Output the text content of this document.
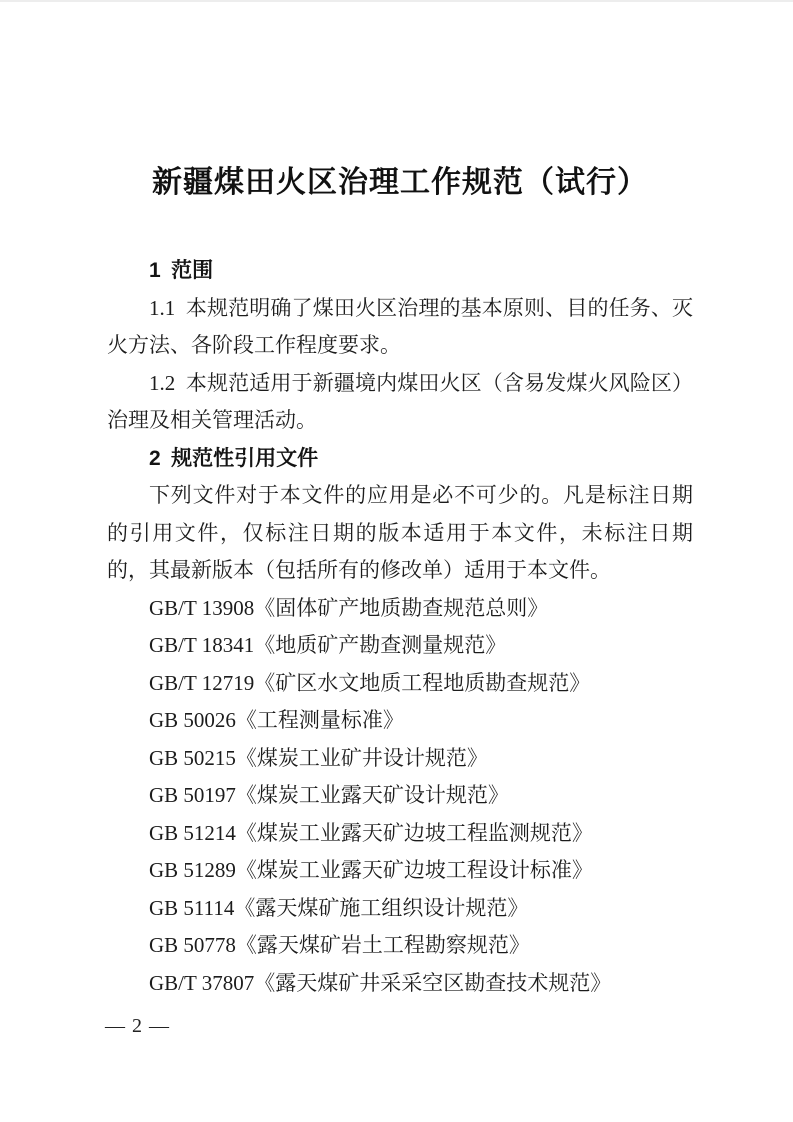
新疆煤田火区治理工作规范（试行）
1 范围

1.1 本规范明确了煤田火区治理的基本原则、目的任务、灭火方法、各阶段工作程度要求。

1.2 本规范适用于新疆境内煤田火区（含易发煤火风险区）治理及相关管理活动。

2 规范性引用文件

下列文件对于本文件的应用是必不可少的。凡是标注日期的引用文件，仅标注日期的版本适用于本文件，未标注日期的，其最新版本（包括所有的修改单）适用于本文件。

GB/T 13908《固体矿产地质勘查规范总则》

GB/T 18341《地质矿产勘查测量规范》

GB/T 12719《矿区水文地质工程地质勘查规范》

GB 50026《工程测量标准》

GB 50215《煤炭工业矿井设计规范》

GB 50197《煤炭工业露天矿设计规范》

GB 51214《煤炭工业露天矿边坡工程监测规范》

GB 51289《煤炭工业露天矿边坡工程设计标准》

GB 51114《露天煤矿施工组织设计规范》

GB 50778《露天煤矿岩土工程勘察规范》

GB/T 37807《露天煤矿井采采空区勘查技术规范》

— 2 —
